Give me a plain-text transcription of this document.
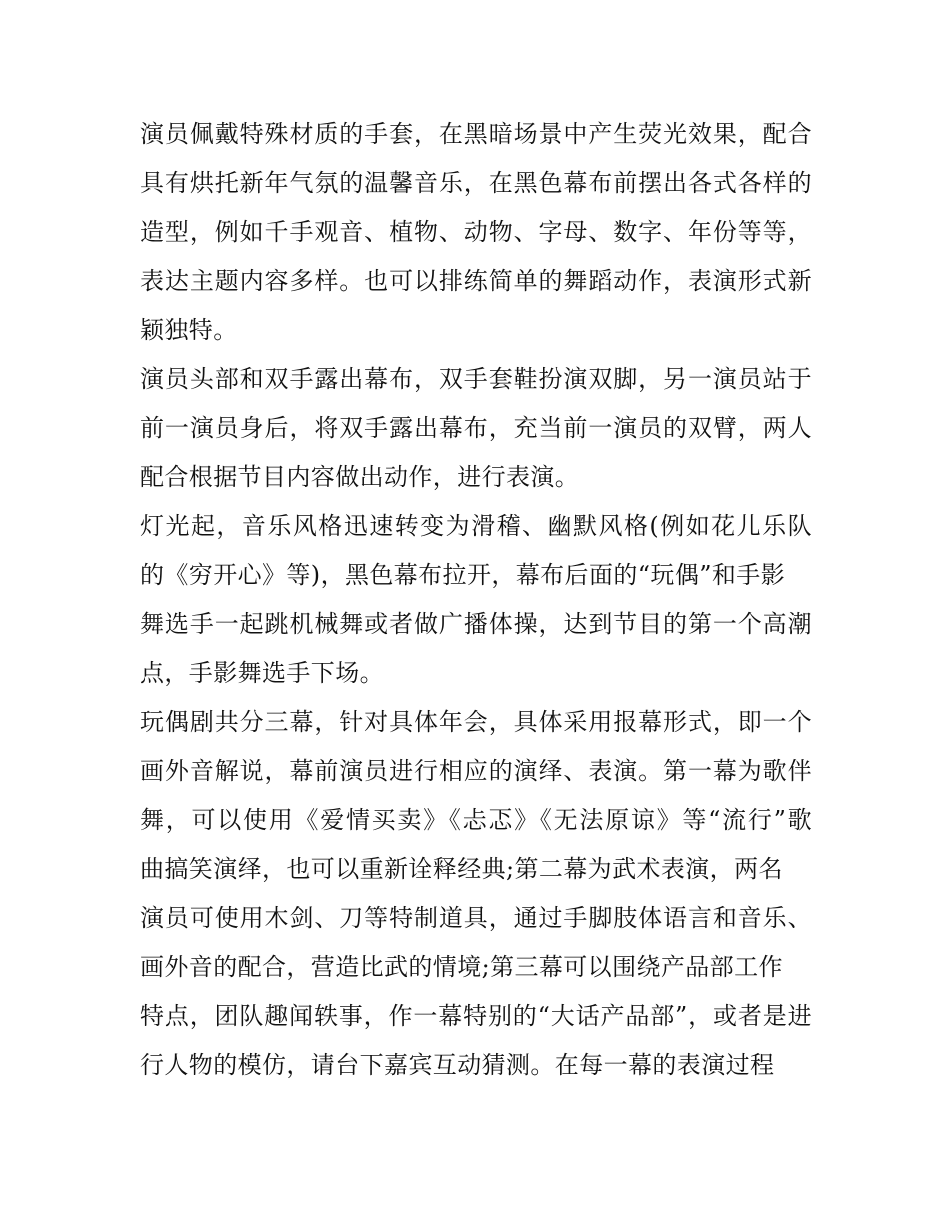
演员佩戴特殊材质的手套，在黑暗场景中产生荧光效果，配合
具有烘托新年气氛的温馨音乐，在黑色幕布前摆出各式各样的
造型，例如千手观音、植物、动物、字母、数字、年份等等，
表达主题内容多样。也可以排练简单的舞蹈动作，表演形式新
颖独特。
演员头部和双手露出幕布，双手套鞋扮演双脚，另一演员站于
前一演员身后，将双手露出幕布，充当前一演员的双臂，两人
配合根据节目内容做出动作，进行表演。
灯光起，音乐风格迅速转变为滑稽、幽默风格(例如花儿乐队
的《穷开心》等)，黑色幕布拉开，幕布后面的“玩偶”和手影
舞选手一起跳机械舞或者做广播体操，达到节目的第一个高潮
点，手影舞选手下场。
玩偶剧共分三幕，针对具体年会，具体采用报幕形式，即一个
画外音解说，幕前演员进行相应的演绎、表演。第一幕为歌伴
舞，可以使用《爱情买卖》《忐忑》《无法原谅》等“流行”歌
曲搞笑演绎，也可以重新诠释经典;第二幕为武术表演，两名
演员可使用木剑、刀等特制道具，通过手脚肢体语言和音乐、
画外音的配合，营造比武的情境;第三幕可以围绕产品部工作
特点，团队趣闻轶事，作一幕特别的“大话产品部”，或者是进
行人物的模仿，请台下嘉宾互动猜测。在每一幕的表演过程
